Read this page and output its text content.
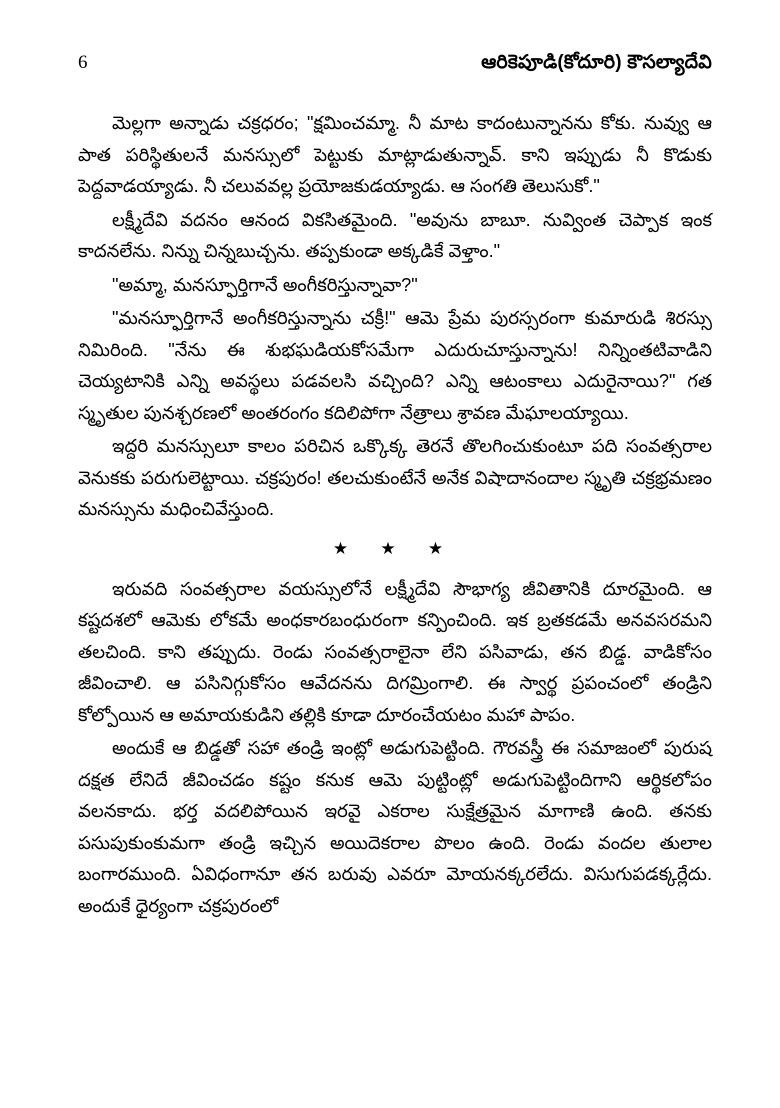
6	ఆరికెపూడి(కోదూరి) కౌసల్యాదేవి

మెల్లగా అన్నాడు చక్రధరం; "క్షమించమ్మా. నీ మాట కాదంటున్నానను కోకు. నువ్వు ఆ పాత పరిస్థితులనే మనస్సులో పెట్టుకు మాట్లాడుతున్నావ్. కాని ఇప్పుడు నీ కొడుకు పెద్దవాడయ్యాడు. నీ చలువవల్ల ప్రయోజకుడయ్యాడు. ఆ సంగతి తెలుసుకో."

లక్ష్మీదేవి వదనం ఆనంద వికసితమైంది. "అవును బాబూ. నువ్వింత చెప్పాక ఇంక కాదనలేను. నిన్ను చిన్నబుచ్చను. తప్పకుండా అక్కడికే వెళ్తాం."

"అమ్మా, మనస్ఫూర్తిగానే అంగీకరిస్తున్నావా?"

"మనస్ఫూర్తిగానే అంగీకరిస్తున్నాను చక్రీ!" ఆమె ప్రేమ పురస్సరంగా కుమారుడి శిరస్సు నిమిరింది. "నేను ఈ శుభఘడియకోసమేగా ఎదురుచూస్తున్నాను! నిన్నింతటివాడిని చెయ్యటానికి ఎన్ని అవస్థలు పడవలసి వచ్చింది? ఎన్ని ఆటంకాలు ఎదురైనాయి?" గత స్మృతుల పునశ్చరణలో అంతరంగం కదిలిపోగా నేత్రాలు శ్రావణ మేఘాలయ్యాయి.

ఇద్దరి మనస్సులూ కాలం పరిచిన ఒక్కొక్క తెరనే తొలగించుకుంటూ పది సంవత్సరాల వెనుకకు పరుగులెట్టాయి. చక్రపురం! తలచుకుంటేనే అనేక విషాదానందాల స్మృతి చక్రభ్రమణం మనస్సును మధించివేస్తుంది.

★ ★ ★

ఇరువది సంవత్సరాల వయస్సులోనే లక్ష్మీదేవి సౌభాగ్య జీవితానికి దూరమైంది. ఆ కష్టదశలో ఆమెకు లోకమే అంధకారబంధురంగా కన్పించింది. ఇక బ్రతకడమే అనవసరమని తలచింది. కాని తప్పుదు. రెండు సంవత్సరాలైనా లేని పసివాడు, తన బిడ్డ. వాడికోసం జీవించాలి. ఆ పసినిగ్గుకోసం ఆవేదనను దిగమ్రింగాలి. ఈ స్వార్థ ప్రపంచంలో తండ్రిని కోల్పోయిన ఆ అమాయకుడిని తల్లికి కూడా దూరంచేయటం మహా పాపం.

అందుకే ఆ బిడ్డతో సహా తండ్రి ఇంట్లో అడుగుపెట్టింది. గౌరవస్త్రీ ఈ సమాజంలో పురుష దక్షత లేనిదే జీవించడం కష్టం కనుక ఆమె పుట్టింట్లో అడుగుపెట్టిందిగాని ఆర్థికలోపం వలనకాదు. భర్త వదలిపోయిన ఇరవై ఎకరాల సుక్షేత్రమైన మాగాణి ఉంది. తనకు పసుపుకుంకుమగా తండ్రి ఇచ్చిన అయిదెకరాల పొలం ఉంది. రెండు వందల తులాల బంగారముంది. ఏవిధంగానూ తన బరువు ఎవరూ మోయనక్కరలేదు. విసుగుపడక్కర్లేదు. అందుకే ధైర్యంగా చక్రపురంలో
